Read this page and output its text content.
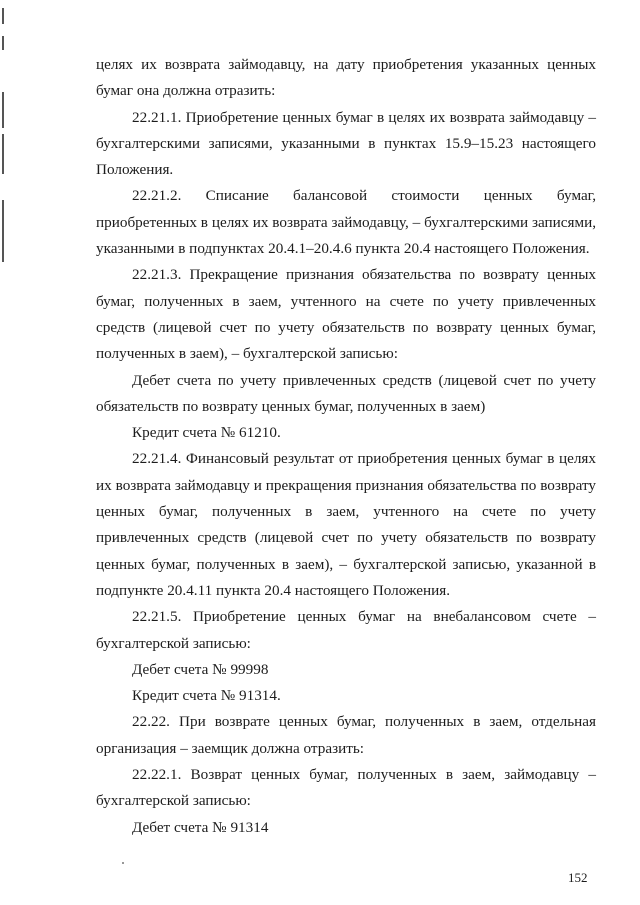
целях их возврата займодавцу, на дату приобретения указанных ценных бумаг она должна отразить:

22.21.1. Приобретение ценных бумаг в целях их возврата займодавцу – бухгалтерскими записями, указанными в пунктах 15.9–15.23 настоящего Положения.

22.21.2. Списание балансовой стоимости ценных бумаг, приобретенных в целях их возврата займодавцу, – бухгалтерскими записями, указанными в подпунктах 20.4.1–20.4.6 пункта 20.4 настоящего Положения.

22.21.3. Прекращение признания обязательства по возврату ценных бумаг, полученных в заем, учтенного на счете по учету привлеченных средств (лицевой счет по учету обязательств по возврату ценных бумаг, полученных в заем), – бухгалтерской записью:

Дебет счета по учету привлеченных средств (лицевой счет по учету обязательств по возврату ценных бумаг, полученных в заем)

Кредит счета № 61210.

22.21.4. Финансовый результат от приобретения ценных бумаг в целях их возврата займодавцу и прекращения признания обязательства по возврату ценных бумаг, полученных в заем, учтенного на счете по учету привлеченных средств (лицевой счет по учету обязательств по возврату ценных бумаг, полученных в заем), – бухгалтерской записью, указанной в подпункте 20.4.11 пункта 20.4 настоящего Положения.

22.21.5. Приобретение ценных бумаг на внебалансовом счете – бухгалтерской записью:

Дебет счета № 99998

Кредит счета № 91314.

22.22. При возврате ценных бумаг, полученных в заем, отдельная организация – заемщик должна отразить:

22.22.1. Возврат ценных бумаг, полученных в заем, займодавцу – бухгалтерской записью:

Дебет счета № 91314

152
